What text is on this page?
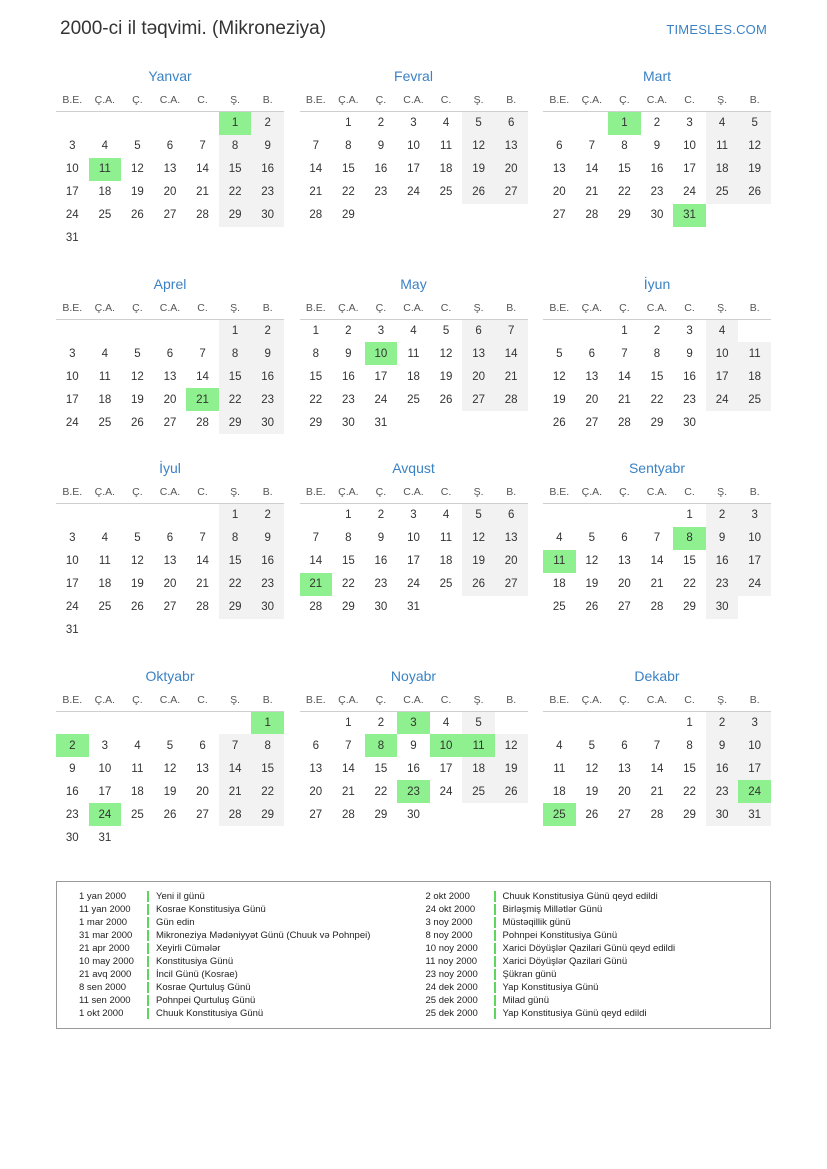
2000-ci il təqvimi. (Mikroneziya)	TIMESLES.COM
Yanvar
B.E.	Ç.A.	Ç.	C.A.	C.	Ş.	B.
					1	2
3	4	5	6	7	8	9
10	11	12	13	14	15	16
17	18	19	20	21	22	23
24	25	26	27	28	29	30
31						
Fevral
B.E.	Ç.A.	Ç.	C.A.	C.	Ş.	B.
	1	2	3	4	5	6
7	8	9	10	11	12	13
14	15	16	17	18	19	20
21	22	23	24	25	26	27
28	29					
Mart
B.E.	Ç.A.	Ç.	C.A.	C.	Ş.	B.
		1	2	3	4	5
6	7	8	9	10	11	12
13	14	15	16	17	18	19
20	21	22	23	24	25	26
27	28	29	30	31		
Aprel
B.E.	Ç.A.	Ç.	C.A.	C.	Ş.	B.
					1	2
3	4	5	6	7	8	9
10	11	12	13	14	15	16
17	18	19	20	21	22	23
24	25	26	27	28	29	30
May
B.E.	Ç.A.	Ç.	C.A.	C.	Ş.	B.
1	2	3	4	5	6	7
8	9	10	11	12	13	14
15	16	17	18	19	20	21
22	23	24	25	26	27	28
29	30	31				
İyun
B.E.	Ç.A.	Ç.	C.A.	C.	Ş.	B.
		1	2	3	4	
5	6	7	8	9	10	11
12	13	14	15	16	17	18
19	20	21	22	23	24	25
26	27	28	29	30		
İyul
B.E.	Ç.A.	Ç.	C.A.	C.	Ş.	B.
					1	2
3	4	5	6	7	8	9
10	11	12	13	14	15	16
17	18	19	20	21	22	23
24	25	26	27	28	29	30
31						
Avqust
B.E.	Ç.A.	Ç.	C.A.	C.	Ş.	B.
	1	2	3	4	5	6
7	8	9	10	11	12	13
14	15	16	17	18	19	20
21	22	23	24	25	26	27
28	29	30	31			
Sentyabr
B.E.	Ç.A.	Ç.	C.A.	C.	Ş.	B.
				1	2	3
4	5	6	7	8	9	10
11	12	13	14	15	16	17
18	19	20	21	22	23	24
25	26	27	28	29	30	
Oktyabr
B.E.	Ç.A.	Ç.	C.A.	C.	Ş.	B.
						1
2	3	4	5	6	7	8
9	10	11	12	13	14	15
16	17	18	19	20	21	22
23	24	25	26	27	28	29
30	31					
Noyabr
B.E.	Ç.A.	Ç.	C.A.	C.	Ş.	B.
	1	2	3	4	5	
6	7	8	9	10	11	12
13	14	15	16	17	18	19
20	21	22	23	24	25	26
27	28	29	30			
Dekabr
B.E.	Ç.A.	Ç.	C.A.	C.	Ş.	B.
				1	2	3
4	5	6	7	8	9	10
11	12	13	14	15	16	17
18	19	20	21	22	23	24
25	26	27	28	29	30	31
1 yan 2000	Yeni il günü
11 yan 2000	Kosrae Konstitusiya Günü
1 mar 2000	Gün edin
31 mar 2000	Mikroneziya Mədəniyyət Günü (Chuuk və Pohnpei)
21 apr 2000	Xeyirli Cümələr
10 may 2000	Konstitusiya Günü
21 avq 2000	İncil Günü (Kosrae)
8 sen 2000	Kosrae Qurtuluş Günü
11 sen 2000	Pohnpei Qurtuluş Günü
1 okt 2000	Chuuk Konstitusiya Günü
2 okt 2000	Chuuk Konstitusiya Günü qeyd edildi
24 okt 2000	Birləşmiş Millətlər Günü
3 noy 2000	Müstəqillik günü
8 noy 2000	Pohnpei Konstitusiya Günü
10 noy 2000	Xarici Döyüşlər Qazilari Günü qeyd edildi
11 noy 2000	Xarici Döyüşlər Qazilari Günü
23 noy 2000	Şükran günü
24 dek 2000	Yap Konstitusiya Günü
25 dek 2000	Milad günü
25 dek 2000	Yap Konstitusiya Günü qeyd edildi
